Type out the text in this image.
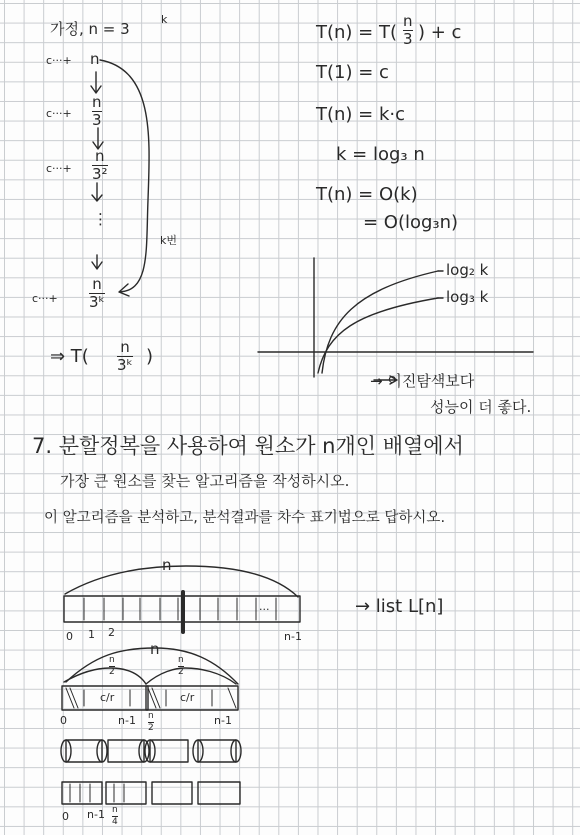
가정, n = 3
k
c···+ n
c···+
n
3
c···+
n
3²
⋮
c···+
n
3ᵏ
k번
⇒ T( n
3ᵏ )
T(n) = T(
n
3 ) + c
T(1) = c
T(n) = k·c
k = log₃ n
T(n) = O(k)
= O(log₃n)
log₂ k
log₃ k
→ 이진탐색보다
성능이 더 좋다.
7. 분할정복을 사용하여 원소가 n개인 배열에서
가장 큰 원소를 찾는 알고리즘을 작성하시오.
이 알고리즘을 분석하고, 분석결과를 차수 표기법으로 답하시오.
n
0 1 2
···
n-1
→ list L[n]
n
n
2
n
2
c/r	c/r
0	n-1 n
2
n-1
0 n-1 n
4
